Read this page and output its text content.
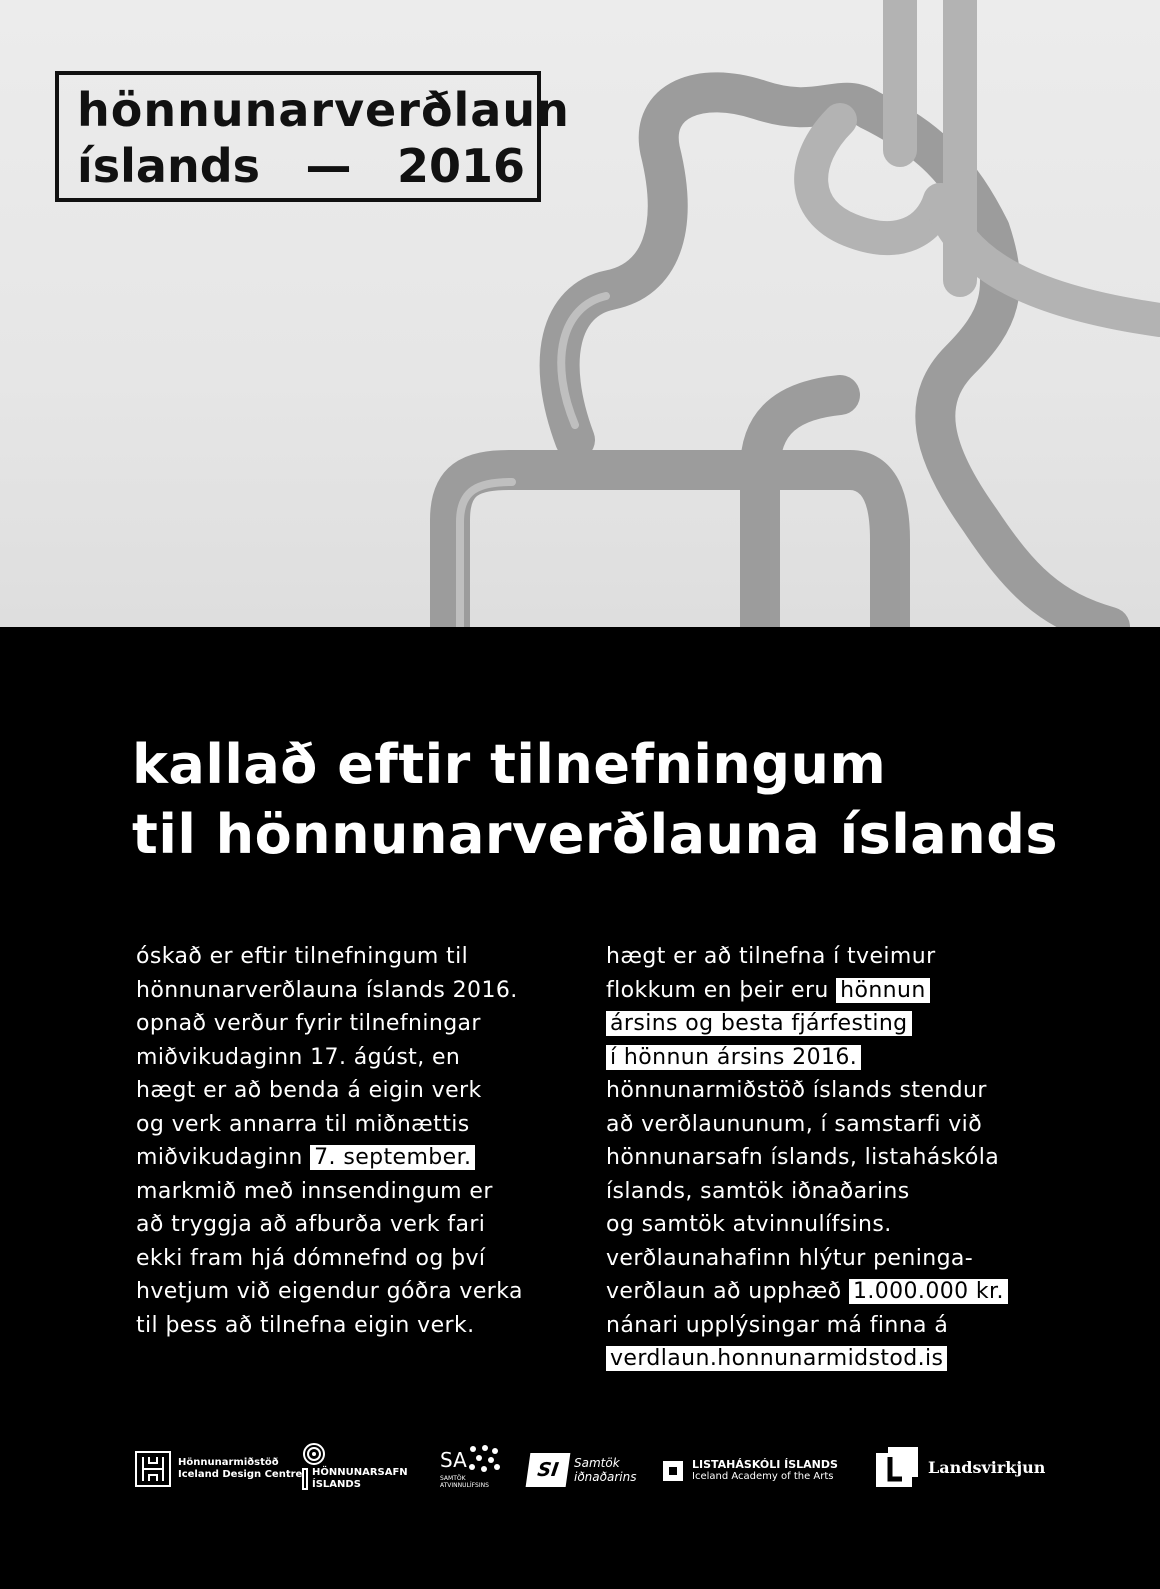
hönnunarverðlaun
íslands — 2016
kallað eftir tilnefningum
til hönnunarverðlauna íslands
óskað er eftir tilnefningum til
hönnunarverðlauna íslands 2016.
opnað verður fyrir tilnefningar
miðvikudaginn 17. ágúst, en
hægt er að benda á eigin verk
og verk annarra til miðnættis
miðvikudaginn 7. september.
markmið með innsendingum er
að tryggja að afburða verk fari
ekki fram hjá dómnefnd og því
hvetjum við eigendur góðra verka
til þess að tilnefna eigin verk.
hægt er að tilnefna í tveimur
flokkum en þeir eru hönnun
ársins og besta fjárfesting
í hönnun ársins 2016.
hönnunarmiðstöð íslands stendur
að verðlaununum, í samstarfi við
hönnunarsafn íslands, listaháskóla
íslands, samtök iðnaðarins
og samtök atvinnulífsins.
verðlaunahafinn hlýtur peninga-
verðlaun að upphæð 1.000.000 kr.
nánari upplýsingar má finna á
verdlaun.honnunarmidstod.is
Hönnunarmiðstöð
Iceland Design Centre HÖNNUNARSAFN
ÍSLANDS
SA
SAMTÖK
ATVINNULÍFSINS
SI	Samtök
iðnaðarins
LISTAHÁSKÓLI ÍSLANDS
Iceland Academy of the Arts	Landsvirkjun
